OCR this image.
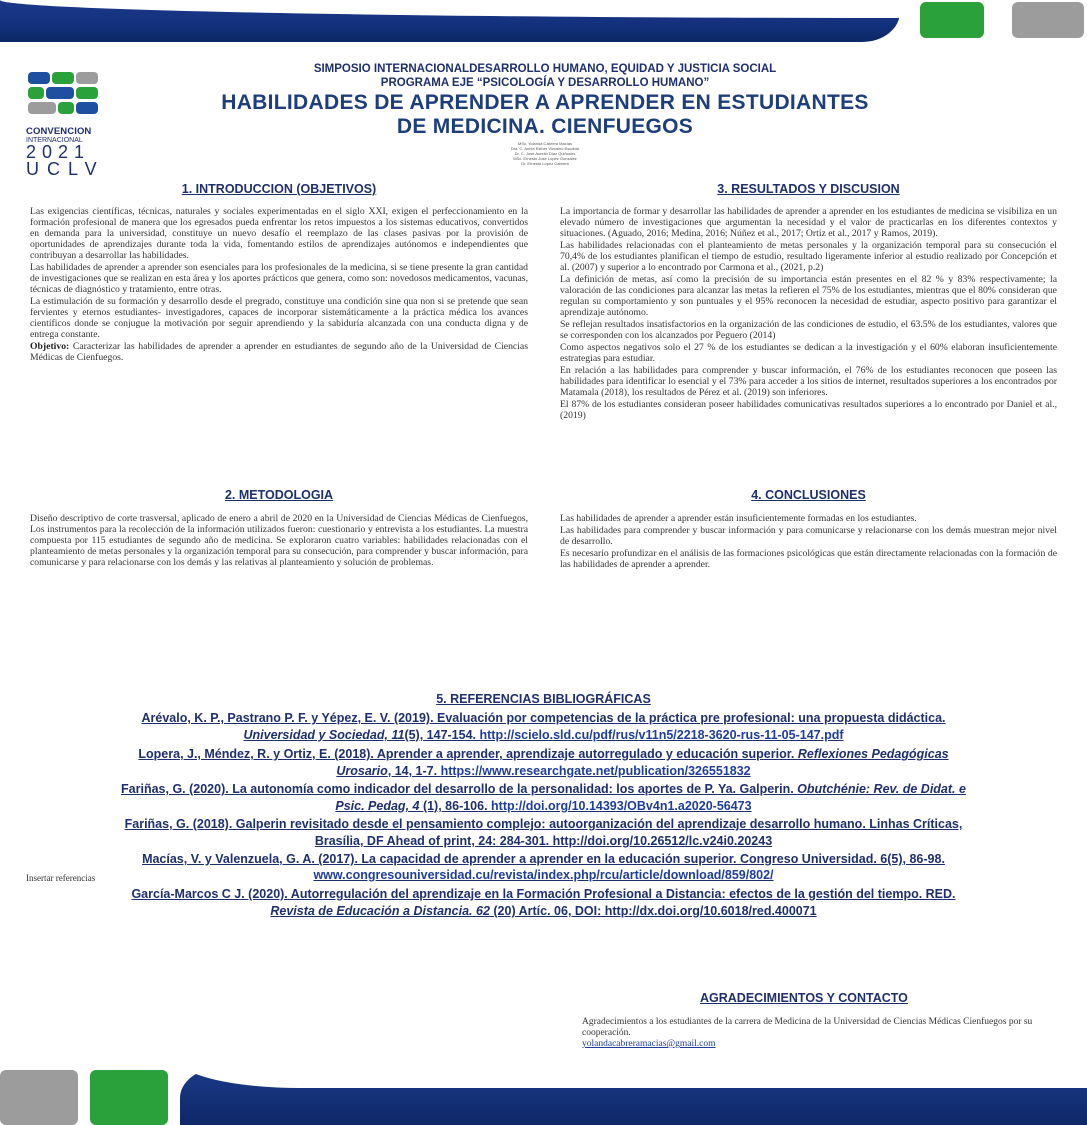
CONVENCION
INTERNACIONAL
2021
UCLV
SIMPOSIO INTERNACIONALDESARROLLO HUMANO, EQUIDAD Y JUSTICIA SOCIAL
PROGRAMA EJE “PSICOLOGÍA Y DESARROLLO HUMANO”
HABILIDADES DE APRENDER A APRENDER EN ESTUDIANTES
DE MEDICINA. CIENFUEGOS
MSc. Yolanda Cabrera Macías
Dra. C. Annia Esther Vizcaino Escobar
Dr. C. José Aurelio Díaz Quiñones
MSc. Ernesto José López González
Dr. Ernesto López Cabrera
1. INTRODUCCION (OBJETIVOS)

Las exigencias científicas, técnicas, naturales y sociales experimentadas en el siglo XXI, exigen el perfeccionamiento en la formación profesional de manera que los egresados pueda enfrentar los retos impuestos a los sistemas educativos, convertidos en demanda para la universidad, constituye un nuevo desafío el reemplazo de las clases pasivas por la provisión de oportunidades de aprendizajes durante toda la vida, fomentando estilos de aprendizajes autónomos e independientes que contribuyan a desarrollar las habilidades.

Las habilidades de aprender a aprender son esenciales para los profesionales de la medicina, si se tiene presente la gran cantidad de investigaciones que se realizan en esta área y los aportes prácticos que genera, como son: novedosos medicamentos, vacunas, técnicas de diagnóstico y tratamiento, entre otras.

La estimulación de su formación y desarrollo desde el pregrado, constituye una condición sine qua non si se pretende que sean fervientes y eternos estudiantes- investigadores, capaces de incorporar sistemáticamente a la práctica médica los avances científicos donde se conjugue la motivación por seguir aprendiendo y la sabiduría alcanzada con una conducta digna y de entrega constante.

Objetivo: Caracterizar las habilidades de aprender a aprender en estudiantes de segundo año de la Universidad de Ciencias Médicas de Cienfuegos.

2. METODOLOGIA

Diseño descriptivo de corte trasversal, aplicado de enero a abril de 2020 en la Universidad de Ciencias Médicas de Cienfuegos, Los instrumentos para la recolección de la información utilizados fueron: cuestionario y entrevista a los estudiantes. La muestra compuesta por 115 estudiantes de segundo año de medicina. Se exploraron cuatro variables: habilidades relacionadas con el planteamiento de metas personales y la organización temporal para su consecución, para comprender y buscar información, para comunicarse y para relacionarse con los demás y las relativas al planteamiento y solución de problemas.

3. RESULTADOS Y DISCUSION

La importancia de formar y desarrollar las habilidades de aprender a aprender en los estudiantes de medicina se visibiliza en un elevado número de investigaciones que argumentan la necesidad y el valor de practicarlas en los diferentes contextos y situaciones. (Aguado, 2016; Medina, 2016; Núñez et al., 2017; Ortiz et al., 2017 y Ramos, 2019).

Las habilidades relacionadas con el planteamiento de metas personales y la organización temporal para su consecución el 70,4% de los estudiantes planifican el tiempo de estudio, resultado ligeramente inferior al estudio realizado por Concepción et al. (2007) y superior a lo encontrado por Carmona et al., (2021, p.2)

La definición de metas, así como la precisión de su importancia están presentes en el 82 % y 83% respectivamente; la valoración de las condiciones para alcanzar las metas la refieren el 75% de los estudiantes, mientras que el 80% consideran que regulan su comportamiento y son puntuales y el 95% reconocen la necesidad de estudiar, aspecto positivo para garantizar el aprendizaje autónomo.

Se reflejan resultados insatisfactorios en la organización de las condiciones de estudio, el 63.5% de los estudiantes, valores que se corresponden con los alcanzados por Peguero (2014)

Como aspectos negativos solo el 27 % de los estudiantes se dedican a la investigación y el 60% elaboran insuficientemente estrategias para estudiar.

En relación a las habilidades para comprender y buscar información, el 76% de los estudiantes reconocen que poseen las habilidades para identificar lo esencial y el 73% para acceder a los sitios de internet, resultados superiores a los encontrados por Matamala (2018), los resultados de Pérez et al. (2019) son inferiores.

El 87% de los estudiantes consideran poseer habilidades comunicativas resultados superiores a lo encontrado por Daniel et al., (2019)

4. CONCLUSIONES

Las habilidades de aprender a aprender están insuficientemente formadas en los estudiantes.

Las habilidades para comprender y buscar información y para comunicarse y relacionarse con los demás muestran mejor nivel de desarrollo.

Es necesario profundizar en el análisis de las formaciones psicológicas que están directamente relacionadas con la formación de las habilidades de aprender a aprender.

5. REFERENCIAS BIBLIOGRÁFICAS
Arévalo, K. P., Pastrano P. F. y Yépez, E. V. (2019). Evaluación por competencias de la práctica pre profesional: una propuesta didáctica.
Universidad y Sociedad, 11(5), 147-154. http://scielo.sld.cu/pdf/rus/v11n5/2218-3620-rus-11-05-147.pdf
Lopera, J., Méndez, R. y Ortiz, E. (2018). Aprender a aprender, aprendizaje autorregulado y educación superior. Reflexiones Pedagógicas
Urosario, 14, 1-7. https://www.researchgate.net/publication/326551832
Fariñas, G. (2020). La autonomía como indicador del desarrollo de la personalidad: los aportes de P. Ya. Galperin. Obutchénie: Rev. de Didat. e
Psic. Pedag, 4 (1), 86-106. http://doi.org/10.14393/OBv4n1.a2020-56473
Fariñas, G. (2018). Galperin revisitado desde el pensamiento complejo: autoorganización del aprendizaje desarrollo humano. Linhas Críticas,
Brasília, DF Ahead of print, 24: 284-301. http://doi.org/10.26512/lc.v24i0.20243
Macías, V. y Valenzuela, G. A. (2017). La capacidad de aprender a aprender en la educación superior. Congreso Universidad. 6(5), 86-98.
www.congresouniversidad.cu/revista/index.php/rcu/article/download/859/802/
Insertar referencias
García-Marcos C J. (2020). Autorregulación del aprendizaje en la Formación Profesional a Distancia: efectos de la gestión del tiempo. RED.
Revista de Educación a Distancia. 62 (20) Artíc. 06, DOI: http://dx.doi.org/10.6018/red.400071
AGRADECIMIENTOS Y CONTACTO
Agradecimientos a los estudiantes de la carrera de Medicina de la Universidad de Ciencias Médicas Cienfuegos por su cooperación.
yolandacabreramacias@gmail.com
